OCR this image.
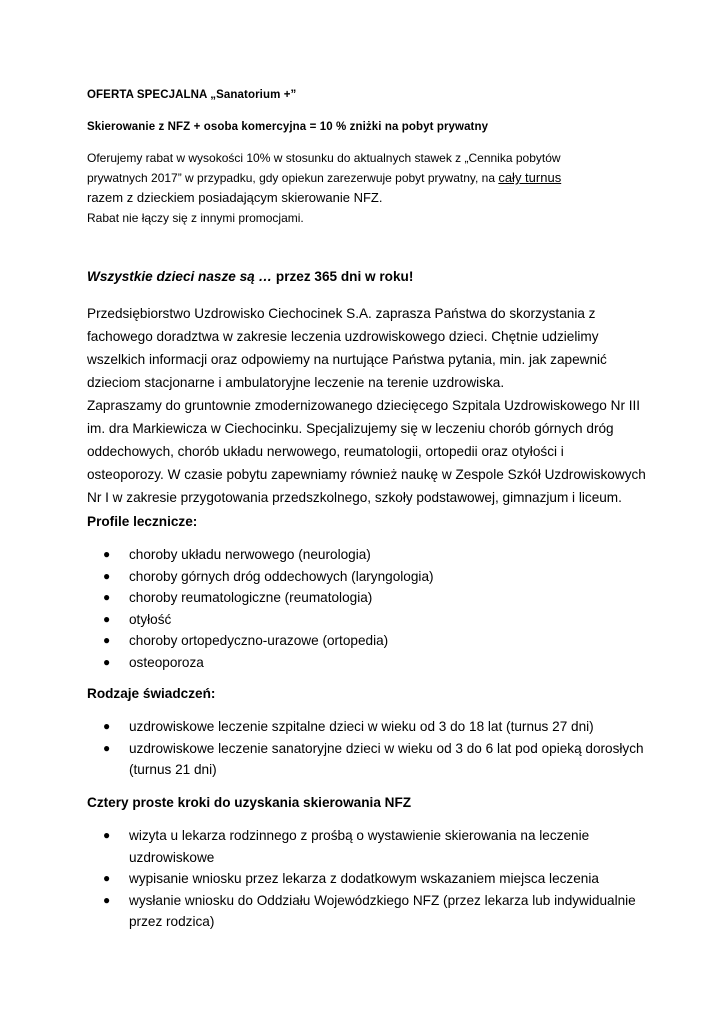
OFERTA SPECJALNA „Sanatorium +”
Skierowanie z NFZ + osoba komercyjna = 10 % zniżki na pobyt prywatny
Oferujemy rabat w wysokości 10% w stosunku do aktualnych stawek z „Cennika pobytów
prywatnych 2017” w przypadku, gdy opiekun zarezerwuje pobyt prywatny, na cały turnus
razem z dzieckiem posiadającym skierowanie NFZ.
Rabat nie łączy się z innymi promocjami.
Wszystkie dzieci nasze są … przez 365 dni w roku!
Przedsiębiorstwo Uzdrowisko Ciechocinek S.A. zaprasza Państwa do skorzystania z
fachowego doradztwa w zakresie leczenia uzdrowiskowego dzieci. Chętnie udzielimy
wszelkich informacji oraz odpowiemy na nurtujące Państwa pytania, min. jak zapewnić
dzieciom stacjonarne i ambulatoryjne leczenie na terenie uzdrowiska.
Zapraszamy do gruntownie zmodernizowanego dziecięcego Szpitala Uzdrowiskowego Nr III
im. dra Markiewicza w Ciechocinku. Specjalizujemy się w leczeniu chorób górnych dróg
oddechowych, chorób układu nerwowego, reumatologii, ortopedii oraz otyłości i
osteoporozy. W czasie pobytu zapewniamy również naukę w Zespole Szkół Uzdrowiskowych
Nr I w zakresie przygotowania przedszkolnego, szkoły podstawowej, gimnazjum i liceum.
Profile lecznicze:
● choroby układu nerwowego (neurologia)
● choroby górnych dróg oddechowych (laryngologia)
● choroby reumatologiczne (reumatologia)
● otyłość
● choroby ortopedyczno-urazowe (ortopedia)
● osteoporoza
Rodzaje świadczeń:
● uzdrowiskowe leczenie szpitalne dzieci w wieku od 3 do 18 lat (turnus 27 dni)
● uzdrowiskowe leczenie sanatoryjne dzieci w wieku od 3 do 6 lat pod opieką dorosłych
(turnus 21 dni)
Cztery proste kroki do uzyskania skierowania NFZ
● wizyta u lekarza rodzinnego z prośbą o wystawienie skierowania na leczenie
uzdrowiskowe
● wypisanie wniosku przez lekarza z dodatkowym wskazaniem miejsca leczenia
● wysłanie wniosku do Oddziału Wojewódzkiego NFZ (przez lekarza lub indywidualnie
przez rodzica)
